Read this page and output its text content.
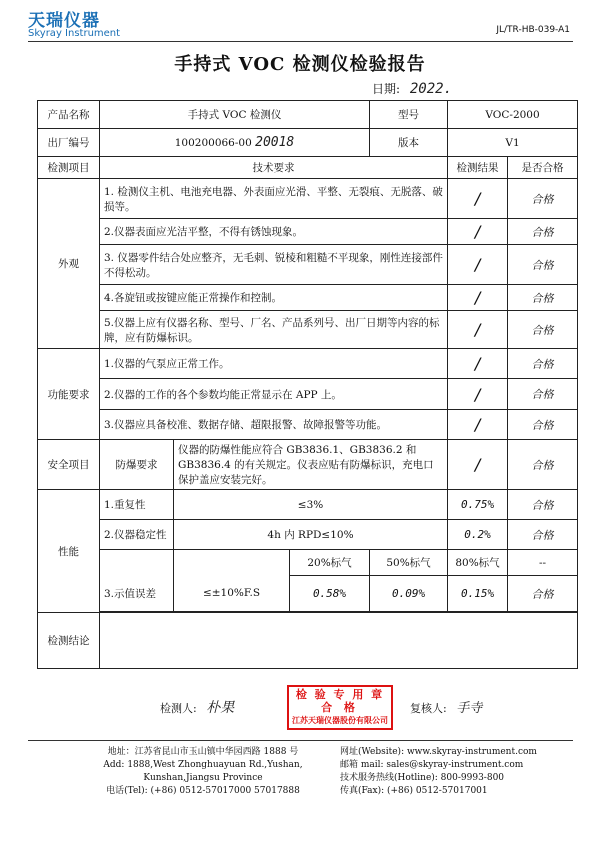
天瑞仪器
Skyray Instrument	JL/TR-HB-039-A1
手持式 VOC 检测仪检验报告
日期: 2022.
产品名称	手持式 VOC 检测仪			型号	VOC-2000	
出厂编号	100200066-00 20018			版本	V1	
检测项目	技术要求				检测结果	是否合格
外观	1. 检测仪主机、电池充电器、外表面应光滑、平整、无裂痕、无脱落、破损等。				/	合格

	2.仪器表面应光洁平整，不得有锈蚀现象。				/	合格

	3. 仪器零件结合处应整齐，无毛刺、锐棱和粗糙不平现象，刚性连接部件不得松动。				/	合格

	4.各旋钮或按键应能正常操作和控制。				/	合格

	5.仪器上应有仪器名称、型号、厂名、产品系列号、出厂日期等内容的标牌，应有防爆标识。				/	合格

功能要求	1.仪器的气泵应正常工作。				/	合格

	2.仪器的工作的各个参数均能正常显示在 APP 上。				/	合格

	3.仪器应具备校准、数据存储、超限报警、故障报警等功能。				/	合格

安全项目	防爆要求	仪器的防爆性能应符合 GB3836.1、GB3836.2 和 GB3836.4 的有关规定。仪表应贴有防爆标识，充电口保护盖应安装完好。			/	合格

性能	1.重复性	≤3%			0.75%	合格

	2.仪器稳定性	4h 内 RPD≤10%			0.2%	合格

			20%标气	50%标气	80%标气	--
	3.示值误差	≤±10%F.S	0.58%	0.09%	0.15%	合格

检测结论						
检测人: 朴果
检 验 专 用 章
合 格
江苏天瑞仪器股份有限公司
复核人: 手寺
地址：江苏省昆山市玉山镇中华园西路 1888 号
Add: 1888,West Zhonghuayuan Rd.,Yushan,
Kunshan,Jiangsu Province
电话(Tel): (+86) 0512-57017000 57017888
网址(Website): www.skyray-instrument.com
邮箱 mail: sales@skyray-instrument.com
技术服务热线(Hotline): 800-9993-800
传真(Fax): (+86) 0512-57017001
